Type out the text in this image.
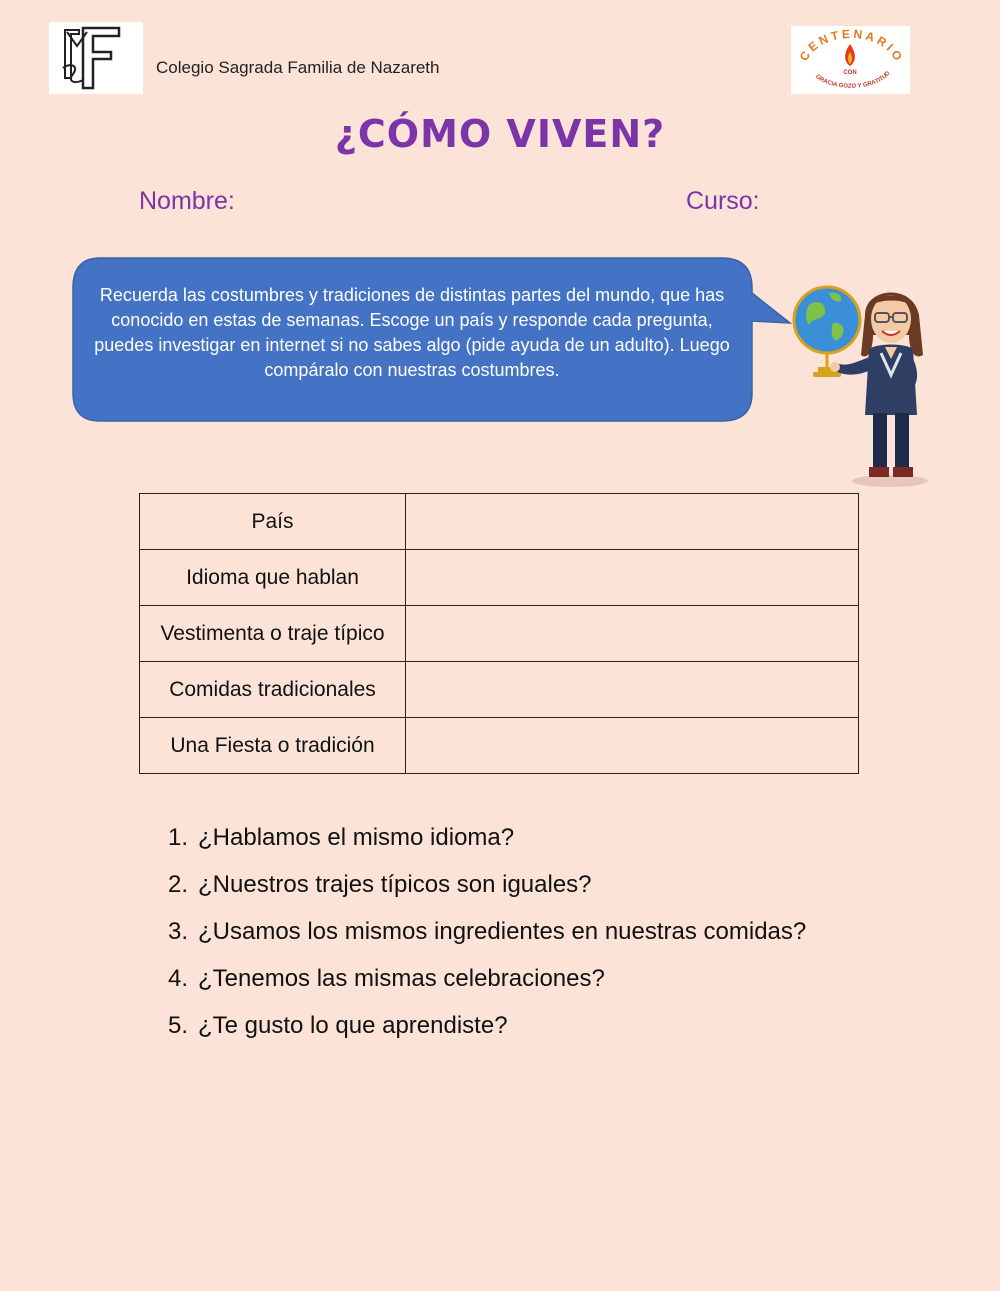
Colegio Sagrada Familia de Nazareth
CENTENARIO
CON
GRACIA GOZO Y GRATITUD
¿CÓMO VIVEN?
Nombre:	Curso:
Recuerda las costumbres y tradiciones de distintas partes del mundo, que has conocido en estas de semanas. Escoge un país y responde cada pregunta, puedes investigar en internet si no sabes algo (pide ayuda de un adulto). Luego compáralo con nuestras costumbres.
País	
Idioma que hablan	
Vestimenta o traje típico	
Comidas tradicionales	
Una Fiesta o tradición	
1. ¿Hablamos el mismo idioma?
2. ¿Nuestros trajes típicos son iguales?
3. ¿Usamos los mismos ingredientes en nuestras comidas?
4. ¿Tenemos las mismas celebraciones?
5. ¿Te gusto lo que aprendiste?
